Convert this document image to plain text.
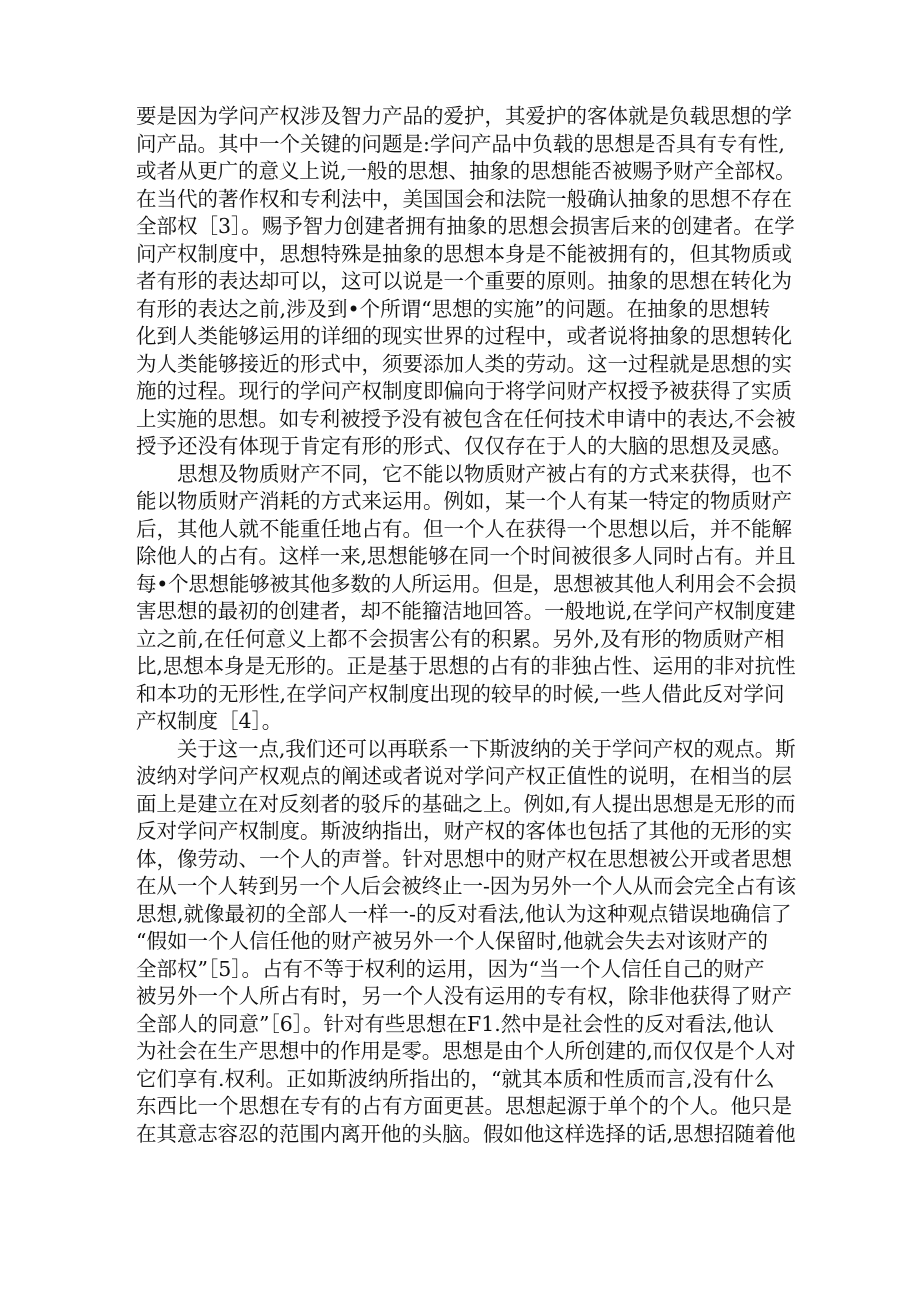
要是因为学问产权涉及智力产品的爱护，其爱护的客体就是负载思想的学
问产品。其中一个关键的问题是:学问产品中负载的思想是否具有专有性,
或者从更广的意义上说,一般的思想、抽象的思想能否被赐予财产全部权。
在当代的著作权和专利法中，美国国会和法院一般确认抽象的思想不存在
全部权［3］。赐予智力创建者拥有抽象的思想会损害后来的创建者。在学
问产权制度中，思想特殊是抽象的思想本身是不能被拥有的，但其物质或
者有形的表达却可以，这可以说是一个重要的原则。抽象的思想在转化为
有形的表达之前,涉及到•个所谓“思想的实施”的问题。在抽象的思想转
化到人类能够运用的详细的现实世界的过程中，或者说将抽象的思想转化
为人类能够接近的形式中，须要添加人类的劳动。这一过程就是思想的实
施的过程。现行的学问产权制度即偏向于将学问财产权授予被获得了实质
上实施的思想。如专利被授予没有被包含在任何技术申请中的表达,不会被
授予还没有体现于肯定有形的形式、仅仅存在于人的大脑的思想及灵感。
　　思想及物质财产不同，它不能以物质财产被占有的方式来获得，也不
能以物质财产消耗的方式来运用。例如，某一个人有某一特定的物质财产
后，其他人就不能重任地占有。但一个人在获得一个思想以后，并不能解
除他人的占有。这样一来,思想能够在同一个时间被很多人同时占有。并且
每•个思想能够被其他多数的人所运用。但是，思想被其他人利用会不会损
害思想的最初的创建者，却不能籀洁地回答。一般地说,在学问产权制度建
立之前,在任何意义上都不会损害公有的积累。另外,及有形的物质财产相
比,思想本身是无形的。正是基于思想的占有的非独占性、运用的非对抗性
和本功的无形性,在学问产权制度出现的较早的时候,一些人借此反对学问
产权制度［4］。
　　关于这一点,我们还可以再联系一下斯波纳的关于学问产权的观点。斯
波纳对学问产权观点的阐述或者说对学问产权正值性的说明，在相当的层
面上是建立在对反刻者的驳斥的基础之上。例如,有人提出思想是无形的而
反对学问产权制度。斯波纳指出，财产权的客体也包括了其他的无形的实
体，像劳动、一个人的声誉。针对思想中的财产权在思想被公开或者思想
在从一个人转到另一个人后会被终止一-因为另外一个人从而会完全占有该
思想,就像最初的全部人一样一-的反对看法,他认为这种观点错误地确信了
“假如一个人信任他的财产被另外一个人保留时,他就会失去对该财产的
全部权”［5］。占有不等于权利的运用，因为“当一个人信任自己的财产
被另外一个人所占有时，另一个人没有运用的专有权，除非他获得了财产
全部人的同意”［6］。针对有些思想在F1.然中是社会性的反对看法,他认
为社会在生产思想中的作用是零。思想是由个人所创建的,而仅仅是个人对
它们享有.权利。正如斯波纳所指出的，“就其本质和性质而言,没有什么
东西比一个思想在专有的占有方面更甚。思想起源于单个的个人。他只是
在其意志容忍的范围内离开他的头脑。假如他这样选择的话,思想招随着他
